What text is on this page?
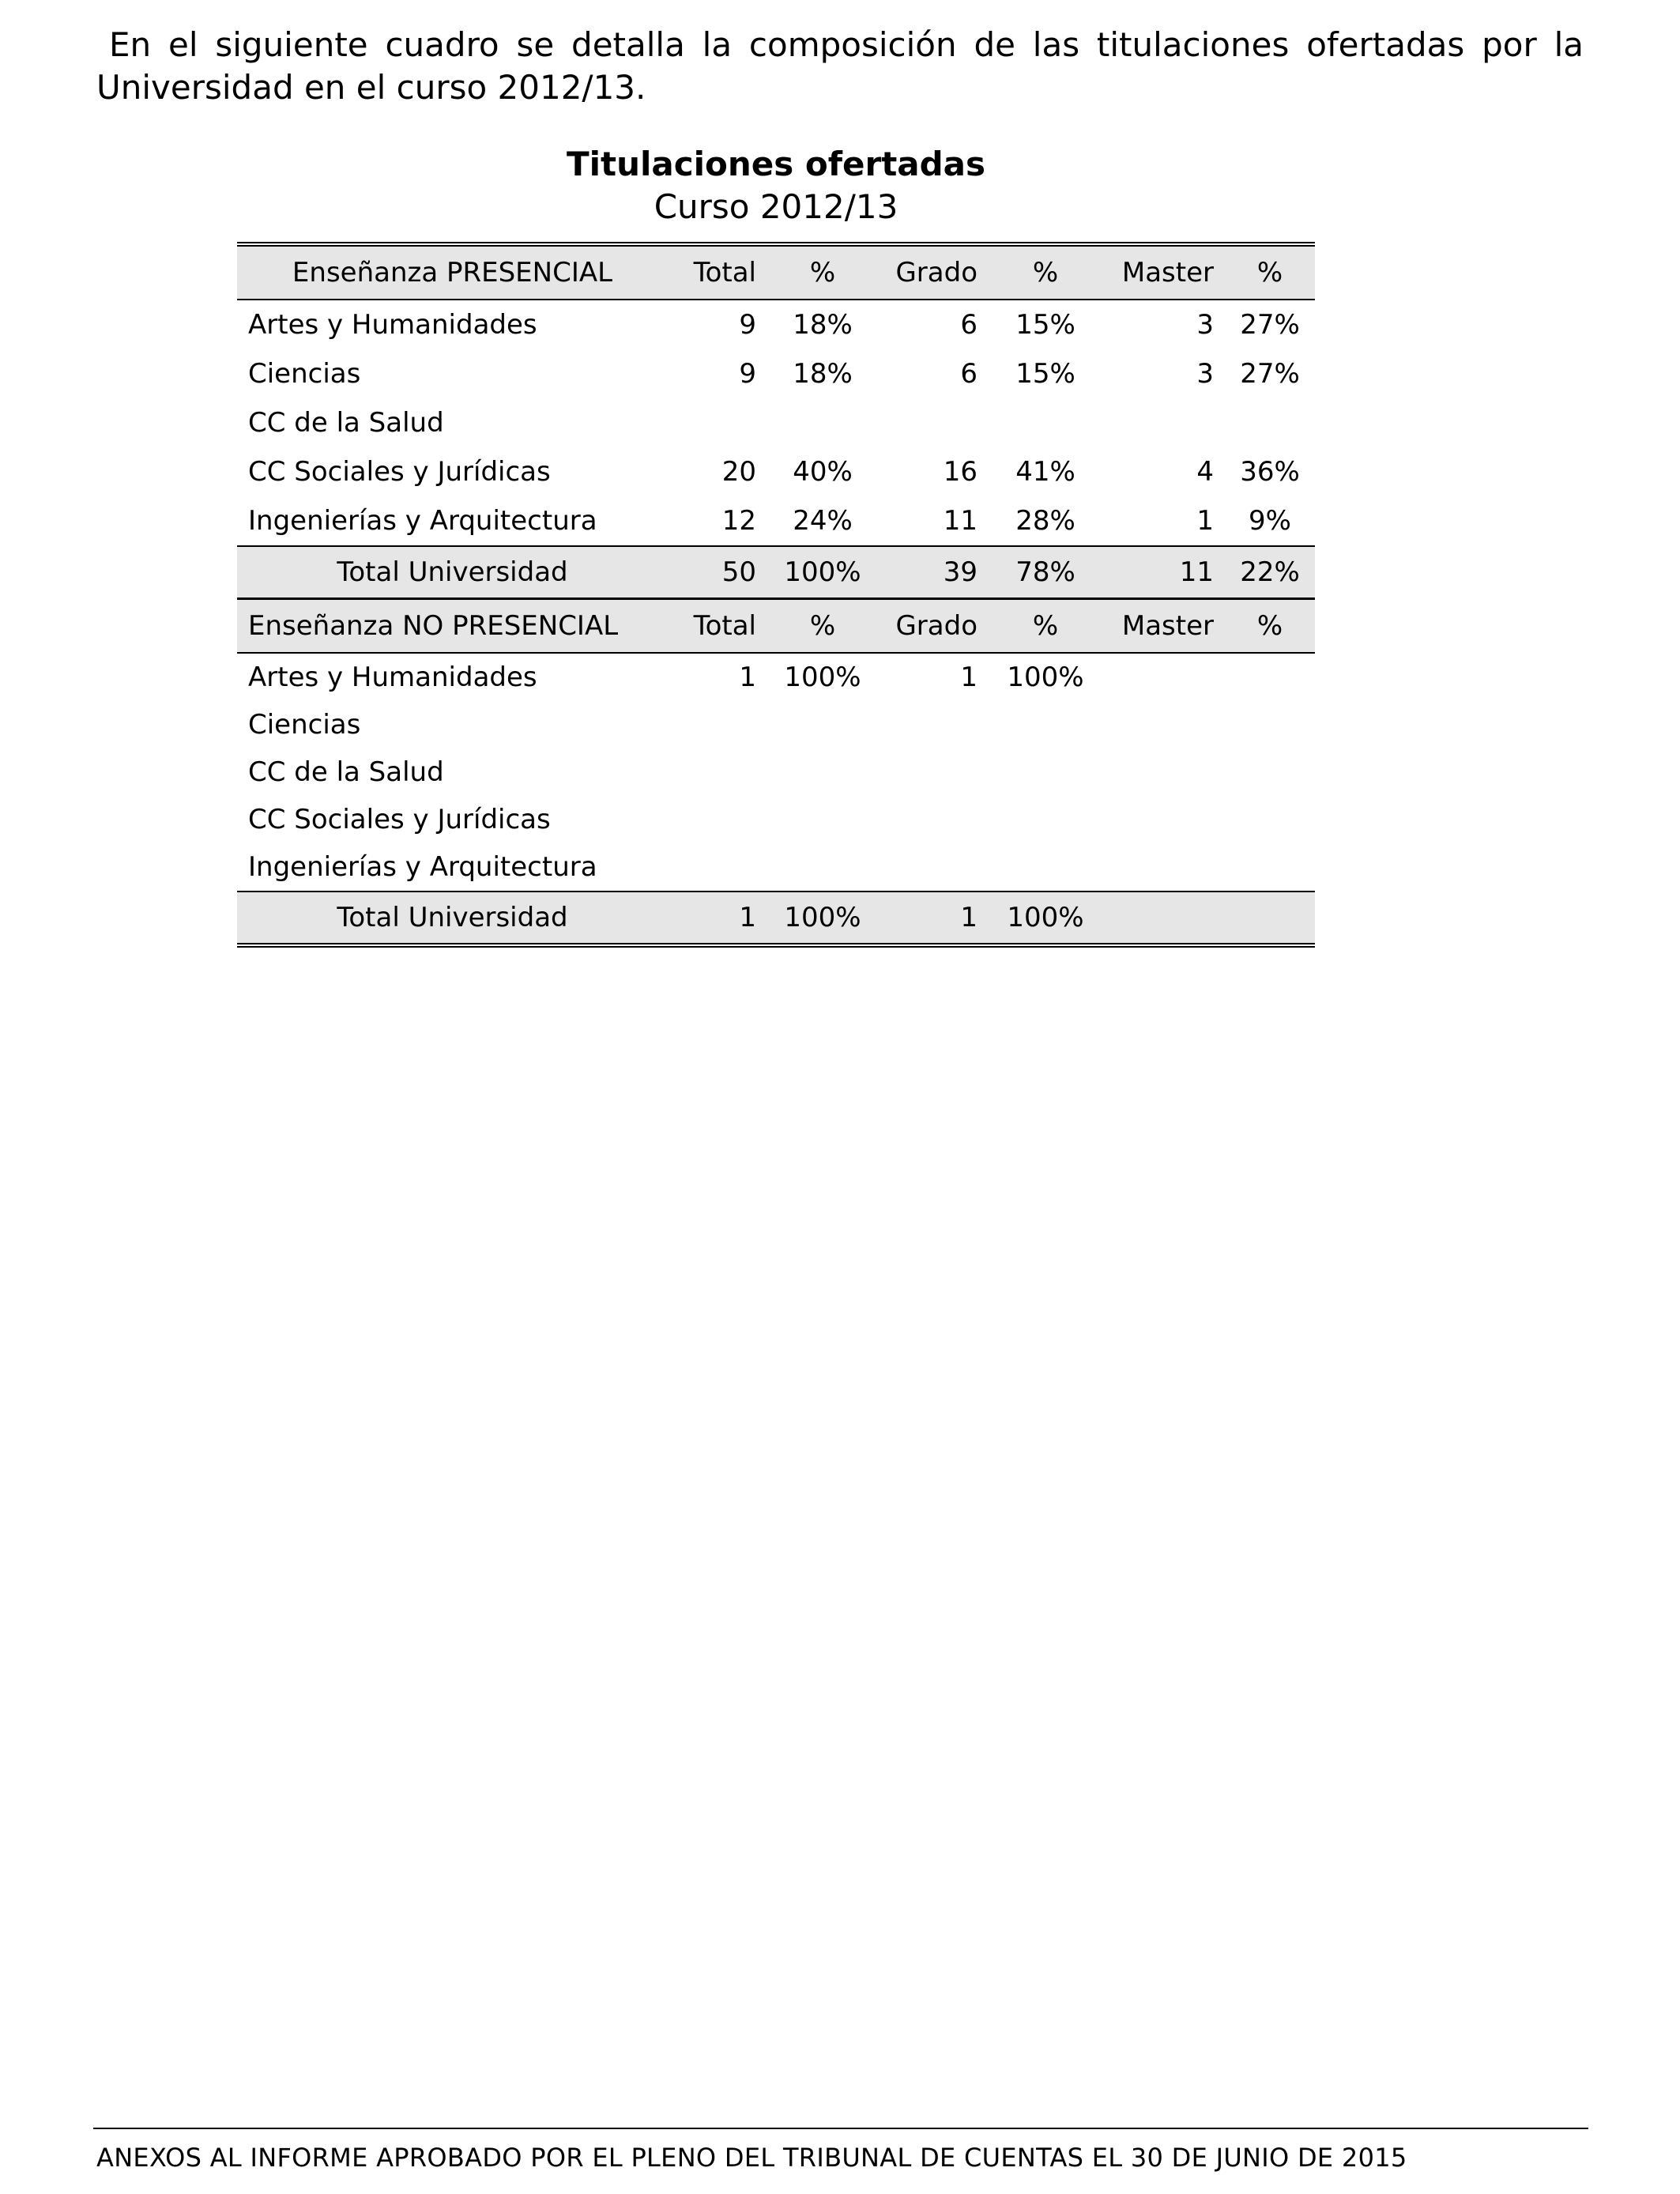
En el siguiente cuadro se detalla la composición de las titulaciones ofertadas por la Universidad en el curso 2012/13.

Titulaciones ofertadas
Curso 2012/13
Enseñanza PRESENCIAL	Total	%	Grado	%	Master	%
Artes y Humanidades	9	18%	6	15%	3	27%
Ciencias	9	18%	6	15%	3	27%
CC de la Salud						
CC Sociales y Jurídicas	20	40%	16	41%	4	36%
Ingenierías y Arquitectura	12	24%	11	28%	1	9%
Total Universidad	50	100%	39	78%	11	22%
Enseñanza NO PRESENCIAL	Total	%	Grado	%	Master	%
Artes y Humanidades	1	100%	1	100%		
Ciencias						
CC de la Salud						
CC Sociales y Jurídicas						
Ingenierías y Arquitectura						
Total Universidad	1	100%	1	100%		
ANEXOS AL INFORME APROBADO POR EL PLENO DEL TRIBUNAL DE CUENTAS EL 30 DE JUNIO DE 2015
